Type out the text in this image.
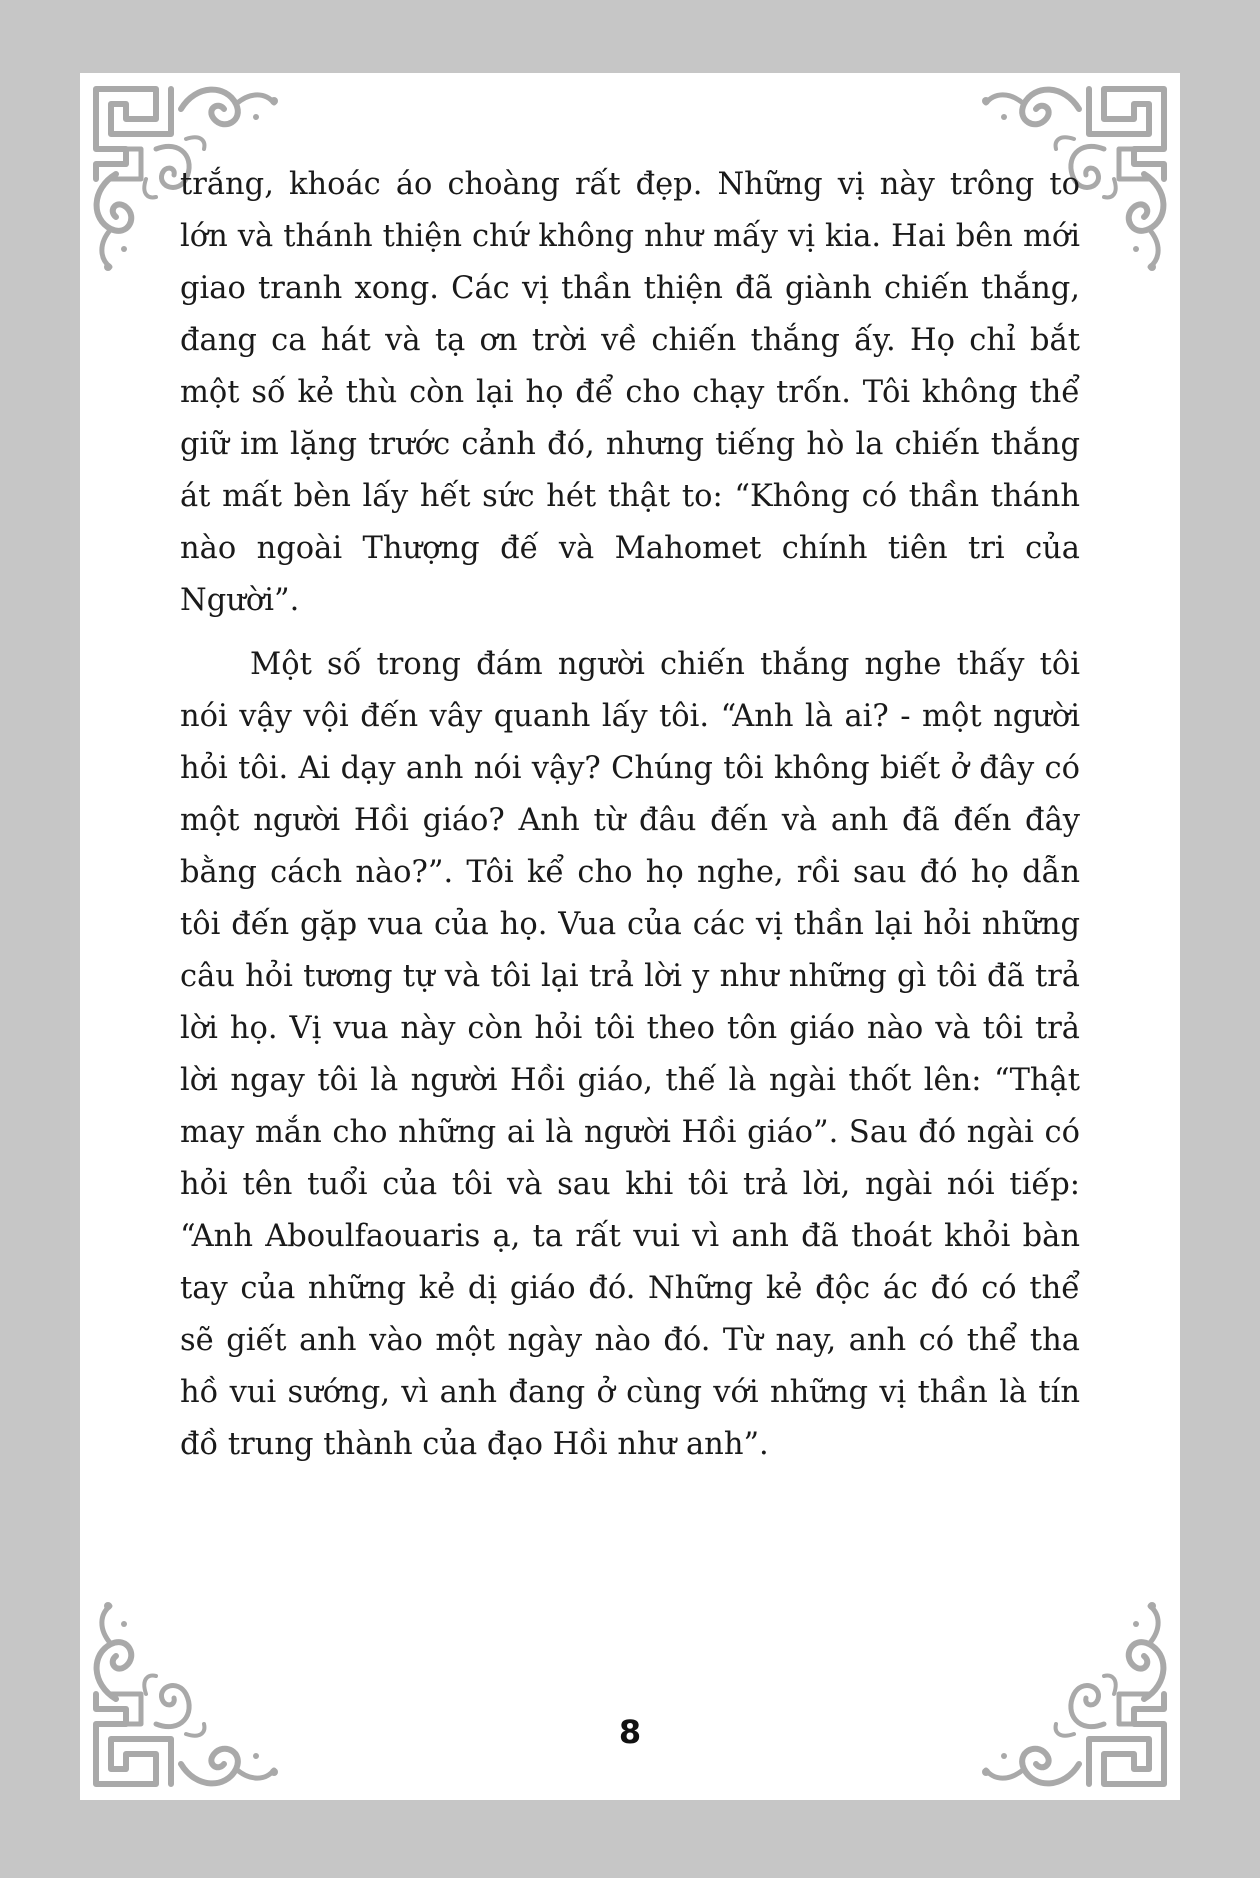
trắng, khoác áo choàng rất đẹp. Những vị này trông to lớn và thánh thiện chứ không như mấy vị kia. Hai bên mới giao tranh xong. Các vị thần thiện đã giành chiến thắng, đang ca hát và tạ ơn trời về chiến thắng ấy. Họ chỉ bắt một số kẻ thù còn lại họ để cho chạy trốn. Tôi không thể giữ im lặng trước cảnh đó, nhưng tiếng hò la chiến thắng át mất bèn lấy hết sức hét thật to: “Không có thần thánh nào ngoài Thượng đế và Mahomet chính tiên tri của Người”.

Một số trong đám người chiến thắng nghe thấy tôi nói vậy vội đến vây quanh lấy tôi. “Anh là ai? - một người hỏi tôi. Ai dạy anh nói vậy? Chúng tôi không biết ở đây có một người Hồi giáo? Anh từ đâu đến và anh đã đến đây bằng cách nào?”. Tôi kể cho họ nghe, rồi sau đó họ dẫn tôi đến gặp vua của họ. Vua của các vị thần lại hỏi những câu hỏi tương tự và tôi lại trả lời y như những gì tôi đã trả lời họ. Vị vua này còn hỏi tôi theo tôn giáo nào và tôi trả lời ngay tôi là người Hồi giáo, thế là ngài thốt lên: “Thật may mắn cho những ai là người Hồi giáo”. Sau đó ngài có hỏi tên tuổi của tôi và sau khi tôi trả lời, ngài nói tiếp: “Anh Aboulfaouaris ạ, ta rất vui vì anh đã thoát khỏi bàn tay của những kẻ dị giáo đó. Những kẻ độc ác đó có thể sẽ giết anh vào một ngày nào đó. Từ nay, anh có thể tha hồ vui sướng, vì anh đang ở cùng với những vị thần là tín đồ trung thành của đạo Hồi như anh”.

8
